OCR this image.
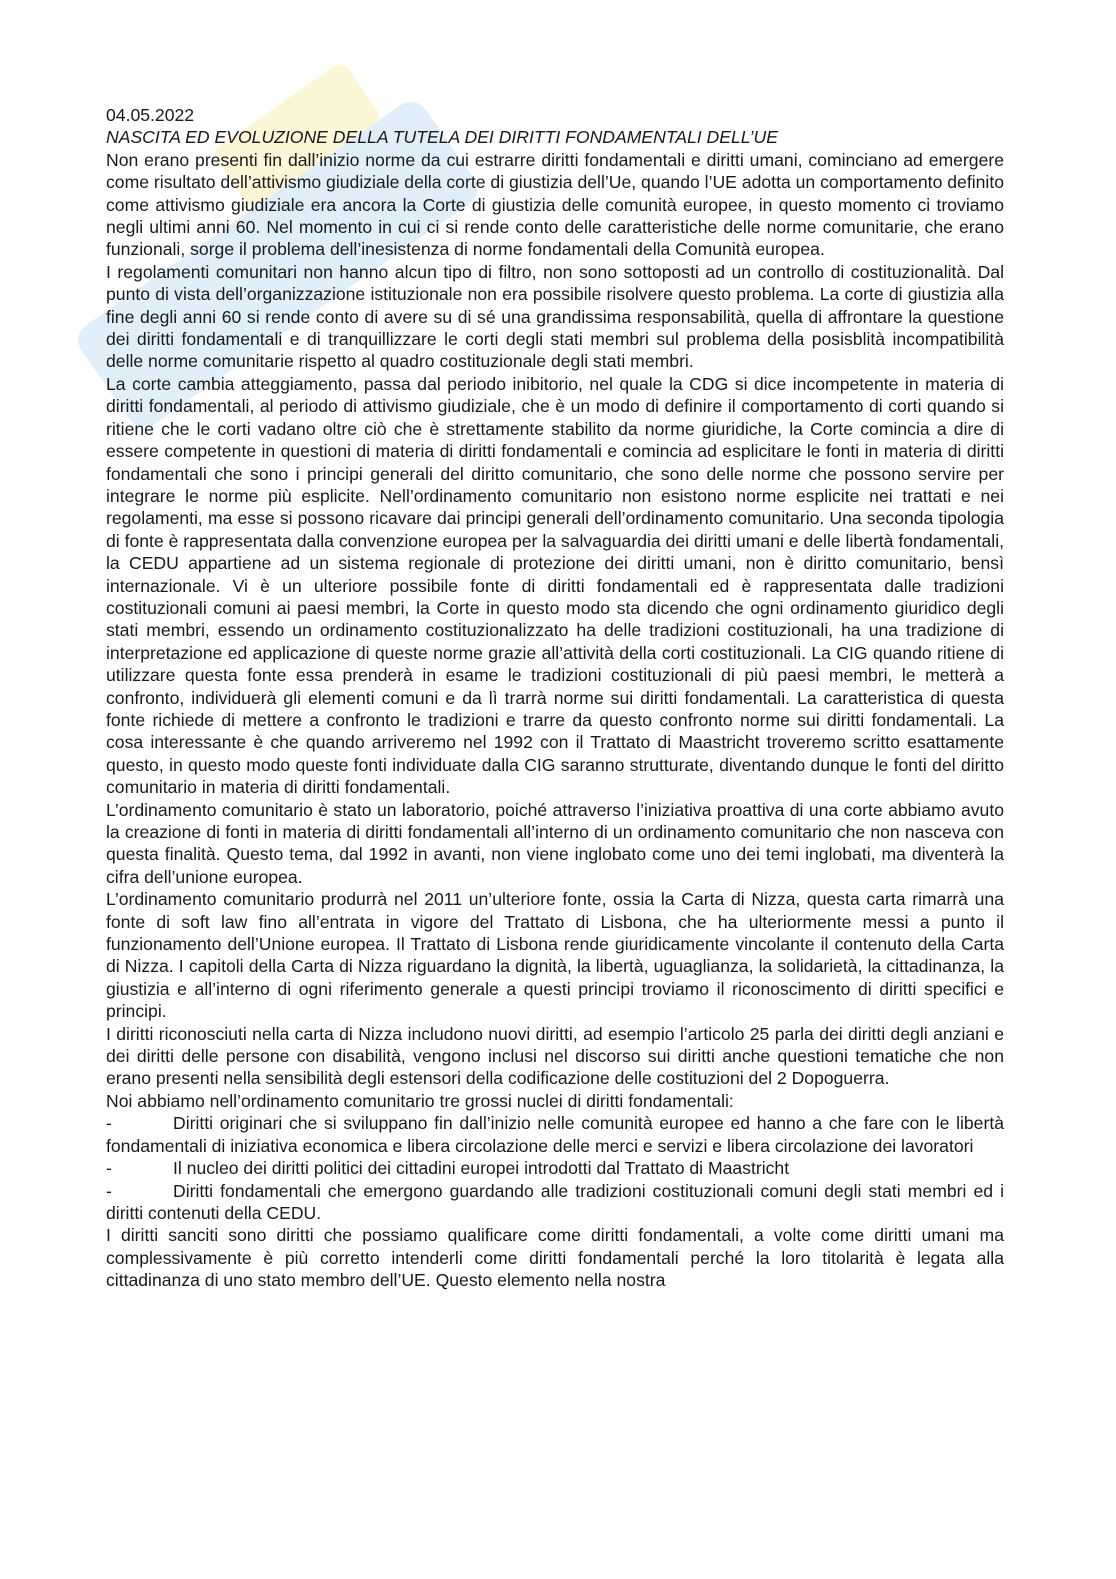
04.05.2022
NASCITA ED EVOLUZIONE DELLA TUTELA DEI DIRITTI FONDAMENTALI DELL’UE

Non erano presenti fin dall’inizio norme da cui estrarre diritti fondamentali e diritti umani, cominciano ad emergere come risultato dell’attivismo giudiziale della corte di giustizia dell’Ue, quando l’UE adotta un comportamento definito come attivismo giudiziale era ancora la Corte di giustizia delle comunità europee, in questo momento ci troviamo negli ultimi anni 60. Nel momento in cui ci si rende conto delle caratteristiche delle norme comunitarie, che erano funzionali, sorge il problema dell’inesistenza di norme fondamentali della Comunità europea.

I regolamenti comunitari non hanno alcun tipo di filtro, non sono sottoposti ad un controllo di costituzionalità. Dal punto di vista dell’organizzazione istituzionale non era possibile risolvere questo problema. La corte di giustizia alla fine degli anni 60 si rende conto di avere su di sé una grandissima responsabilità, quella di affrontare la questione dei diritti fondamentali e di tranquillizzare le corti degli stati membri sul problema della posisblità incompatibilità delle norme comunitarie rispetto al quadro costituzionale degli stati membri.

La corte cambia atteggiamento, passa dal periodo inibitorio, nel quale la CDG si dice incompetente in materia di diritti fondamentali, al periodo di attivismo giudiziale, che è un modo di definire il comportamento di corti quando si ritiene che le corti vadano oltre ciò che è strettamente stabilito da norme giuridiche, la Corte comincia a dire di essere competente in questioni di materia di diritti fondamentali e comincia ad esplicitare le fonti in materia di diritti fondamentali che sono i principi generali del diritto comunitario, che sono delle norme che possono servire per integrare le norme più esplicite. Nell’ordinamento comunitario non esistono norme esplicite nei trattati e nei regolamenti, ma esse si possono ricavare dai principi generali dell’ordinamento comunitario. Una seconda tipologia di fonte è rappresentata dalla convenzione europea per la salvaguardia dei diritti umani e delle libertà fondamentali, la CEDU appartiene ad un sistema regionale di protezione dei diritti umani, non è diritto comunitario, bensì internazionale. Vi è un ulteriore possibile fonte di diritti fondamentali ed è rappresentata dalle tradizioni costituzionali comuni ai paesi membri, la Corte in questo modo sta dicendo che ogni ordinamento giuridico degli stati membri, essendo un ordinamento costituzionalizzato ha delle tradizioni costituzionali, ha una tradizione di interpretazione ed applicazione di queste norme grazie all’attività della corti costituzionali. La CIG quando ritiene di utilizzare questa fonte essa prenderà in esame le tradizioni costituzionali di più paesi membri, le metterà a confronto, individuerà gli elementi comuni e da lì trarrà norme sui diritti fondamentali. La caratteristica di questa fonte richiede di mettere a confronto le tradizioni e trarre da questo confronto norme sui diritti fondamentali. La cosa interessante è che quando arriveremo nel 1992 con il Trattato di Maastricht troveremo scritto esattamente questo, in questo modo queste fonti individuate dalla CIG saranno strutturate, diventando dunque le fonti del diritto comunitario in materia di diritti fondamentali.

L’ordinamento comunitario è stato un laboratorio, poiché attraverso l’iniziativa proattiva di una corte abbiamo avuto la creazione di fonti in materia di diritti fondamentali all’interno di un ordinamento comunitario che non nasceva con questa finalità. Questo tema, dal 1992 in avanti, non viene inglobato come uno dei temi inglobati, ma diventerà la cifra dell’unione europea.

L’ordinamento comunitario produrrà nel 2011 un’ulteriore fonte, ossia la Carta di Nizza, questa carta rimarrà una fonte di soft law fino all’entrata in vigore del Trattato di Lisbona, che ha ulteriormente messi a punto il funzionamento dell’Unione europea. Il Trattato di Lisbona rende giuridicamente vincolante il contenuto della Carta di Nizza. I capitoli della Carta di Nizza riguardano la dignità, la libertà, uguaglianza, la solidarietà, la cittadinanza, la giustizia e all’interno di ogni riferimento generale a questi principi troviamo il riconoscimento di diritti specifici e principi.

I diritti riconosciuti nella carta di Nizza includono nuovi diritti, ad esempio l’articolo 25 parla dei diritti degli anziani e dei diritti delle persone con disabilità, vengono inclusi nel discorso sui diritti anche questioni tematiche che non erano presenti nella sensibilità degli estensori della codificazione delle costituzioni del 2 Dopoguerra.

Noi abbiamo nell’ordinamento comunitario tre grossi nuclei di diritti fondamentali:

-	Diritti originari che si sviluppano fin dall’inizio nelle comunità europee ed hanno a che fare con le libertà fondamentali di iniziativa economica e libera circolazione delle merci e servizi e libera circolazione dei lavoratori
-	Il nucleo dei diritti politici dei cittadini europei introdotti dal Trattato di Maastricht
-	Diritti fondamentali che emergono guardando alle tradizioni costituzionali comuni degli stati membri ed i diritti contenuti della CEDU.

I diritti sanciti sono diritti che possiamo qualificare come diritti fondamentali, a volte come diritti umani ma complessivamente è più corretto intenderli come diritti fondamentali perché la loro titolarità è legata alla cittadinanza di uno stato membro dell’UE. Questo elemento nella nostra
